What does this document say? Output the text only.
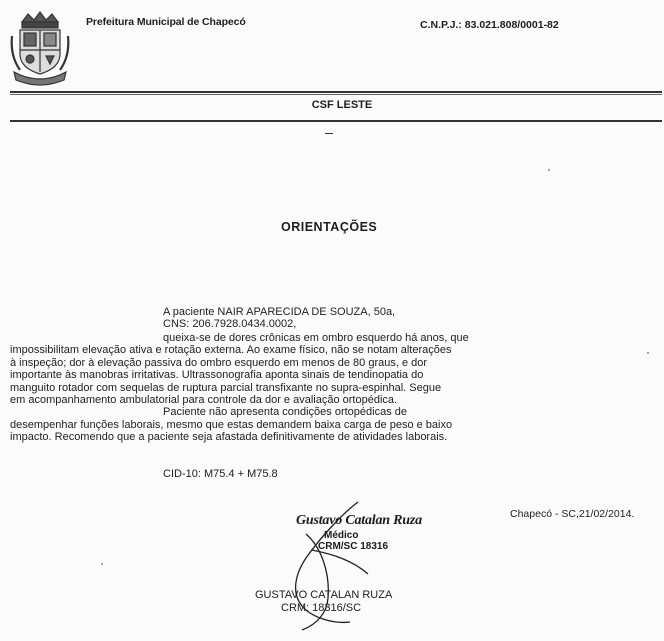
Prefeitura Municipal de Chapecó	C.N.P.J.: 83.021.808/0001-82
CSF LESTE
ORIENTAÇÕES
A paciente NAIR APARECIDA DE SOUZA, 50a,
CNS: 206.7928.0434.0002,
queixa-se de dores crônicas em ombro esquerdo há anos, que
impossibilitam elevação ativa e rotação externa. Ao exame físico, não se notam alterações
à inspeção; dor à elevação passiva do ombro esquerdo em menos de 80 graus, e dor
importante às manobras irritativas. Ultrassonografia aponta sinais de tendinopatia do
manguito rotador com sequelas de ruptura parcial transfixante no supra-espinhal. Segue
em acompanhamento ambulatorial para controle da dor e avaliação ortopédica.
Paciente não apresenta condições ortopédicas de
desempenhar funções laborais, mesmo que estas demandem baixa carga de peso e baixo
impacto. Recomendo que a paciente seja afastada definitivamente de atividades laborais.
CID-10: M75.4 + M75.8
Chapecó - SC,21/02/2014.
Gustavo Catalan Ruza
Médico
CRM/SC 18316
GUSTAVO CATALAN RUZA
CRM: 18316/SC
